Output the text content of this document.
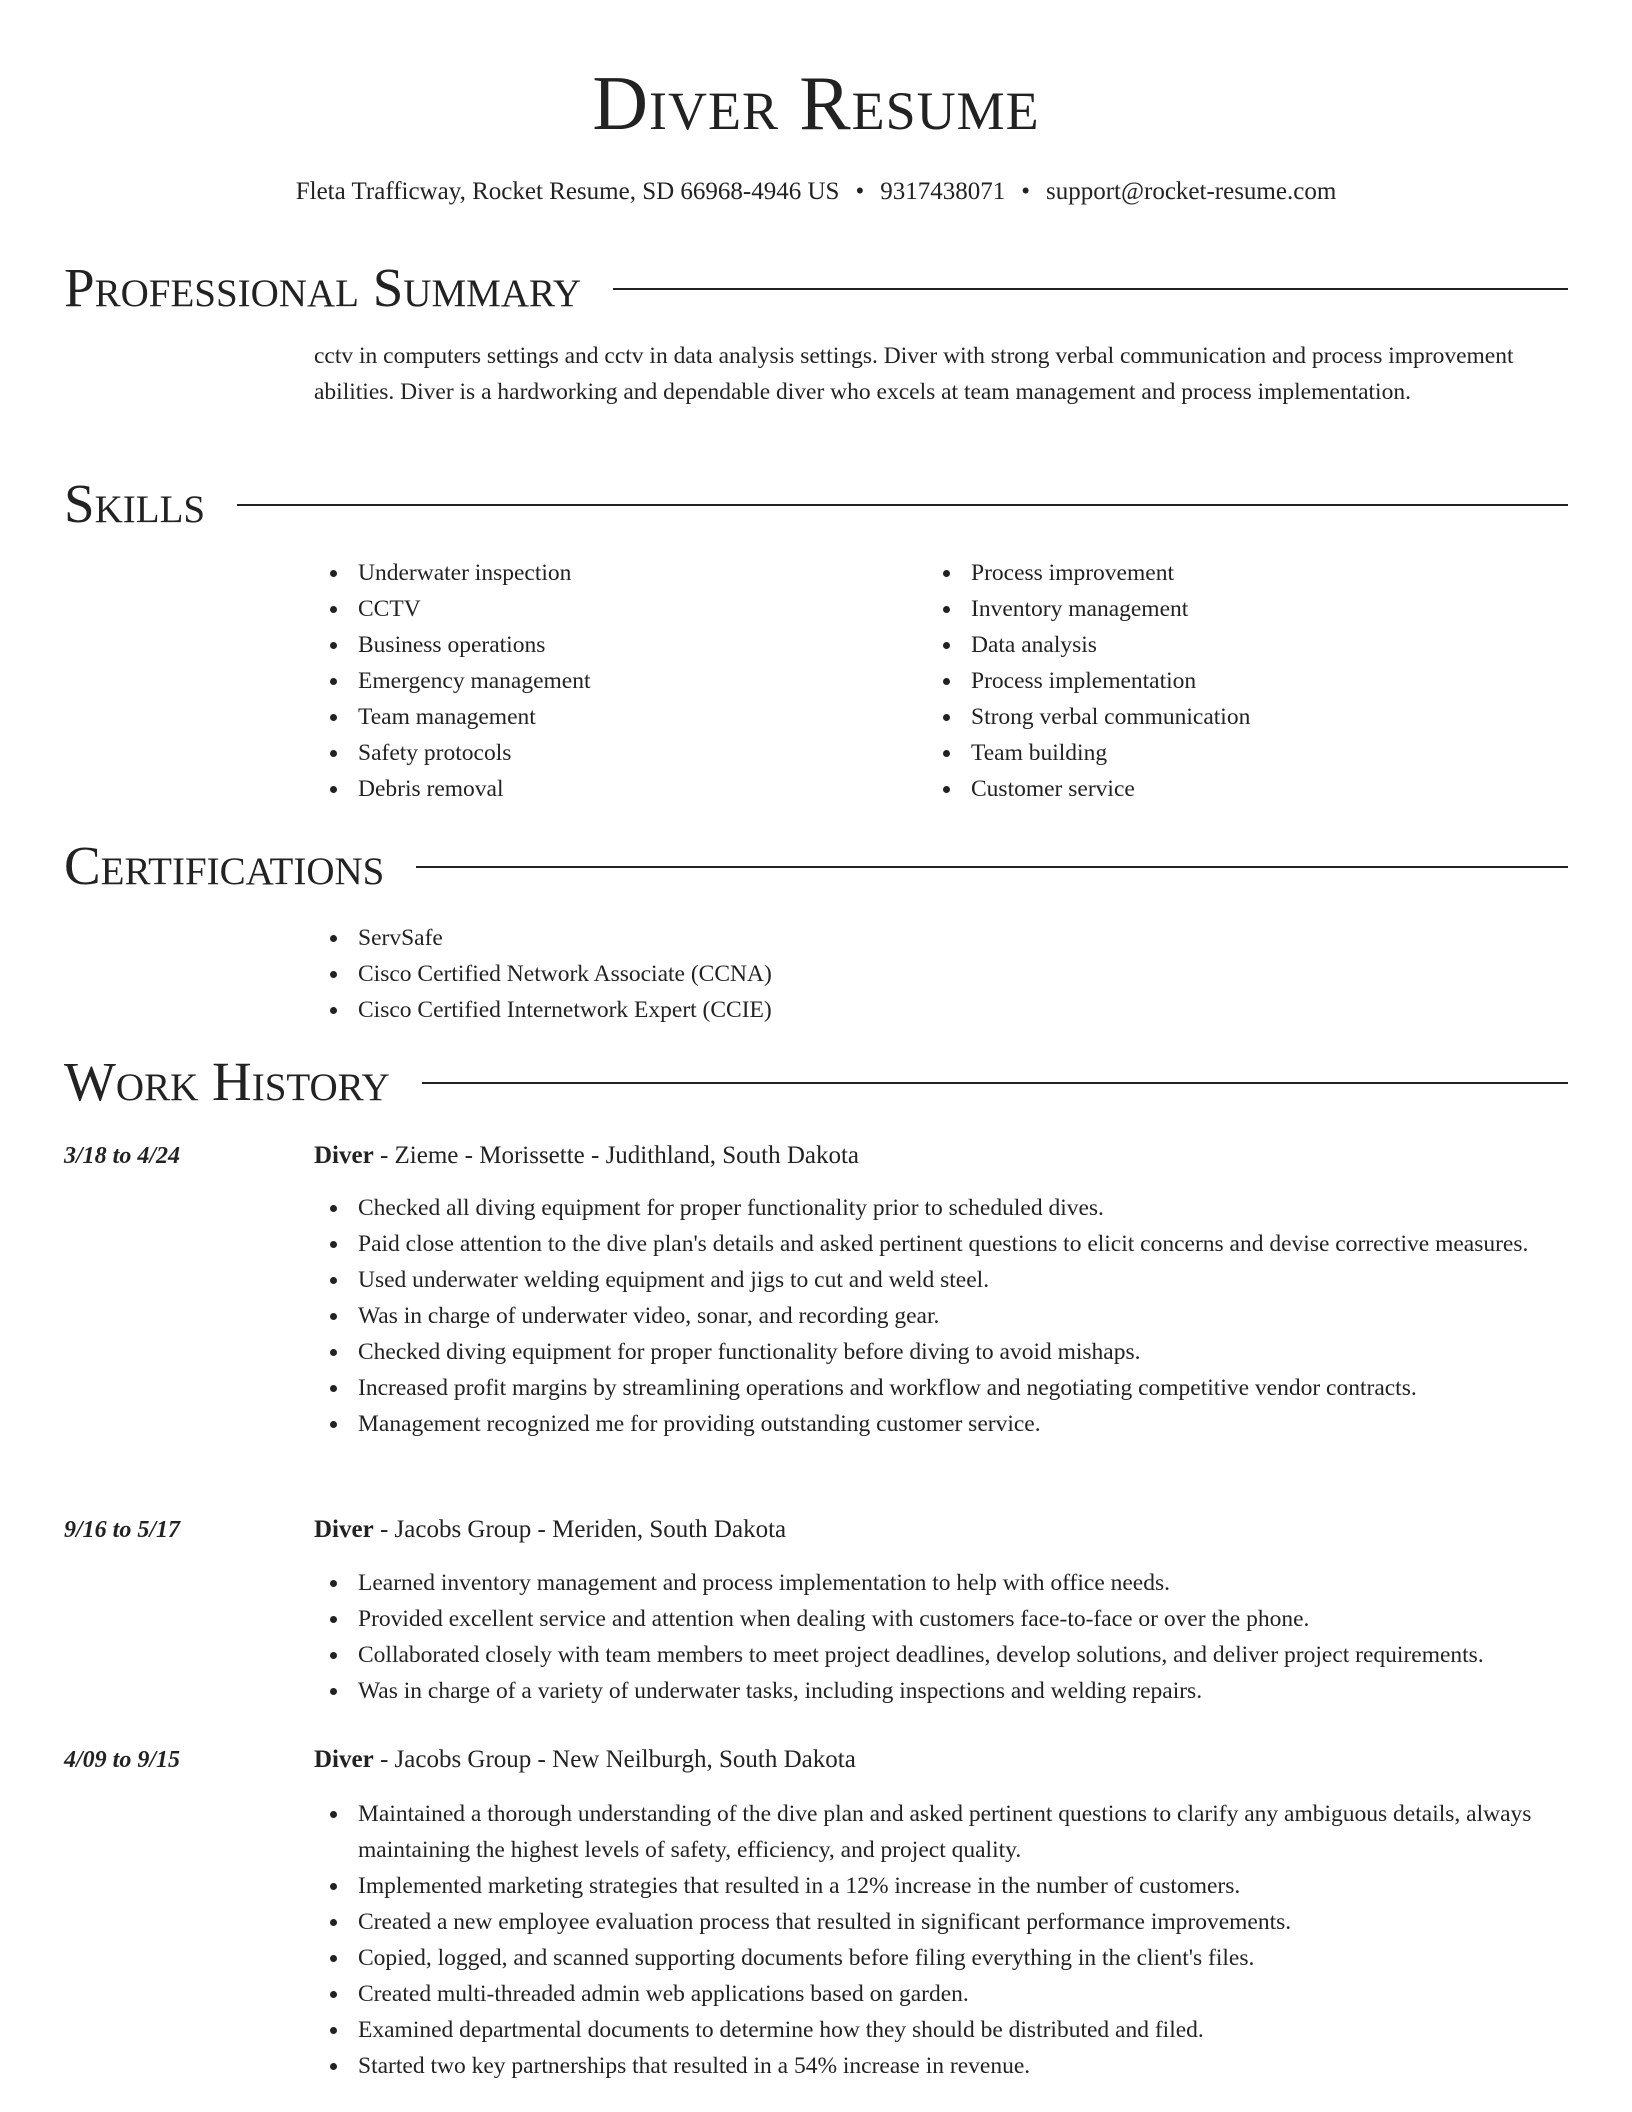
Diver Resume
Fleta Trafficway, Rocket Resume, SD 66968-4946 US • 9317438071 • support@rocket-resume.com
Professional Summary
cctv in computers settings and cctv in data analysis settings. Diver with strong verbal communication and process improvement abilities. Diver is a hardworking and dependable diver who excels at team management and process implementation.
Skills
Underwater inspection
CCTV
Business operations
Emergency management
Team management
Safety protocols
Debris removal
Process improvement
Inventory management
Data analysis
Process implementation
Strong verbal communication
Team building
Customer service
Certifications
ServSafe
Cisco Certified Network Associate (CCNA)
Cisco Certified Internetwork Expert (CCIE)
Work History
3/18 to 4/24	Diver - Zieme - Morissette - Judithland, South Dakota
Checked all diving equipment for proper functionality prior to scheduled dives.
Paid close attention to the dive plan's details and asked pertinent questions to elicit concerns and devise corrective measures.
Used underwater welding equipment and jigs to cut and weld steel.
Was in charge of underwater video, sonar, and recording gear.
Checked diving equipment for proper functionality before diving to avoid mishaps.
Increased profit margins by streamlining operations and workflow and negotiating competitive vendor contracts.
Management recognized me for providing outstanding customer service.
9/16 to 5/17	Diver - Jacobs Group - Meriden, South Dakota
Learned inventory management and process implementation to help with office needs.
Provided excellent service and attention when dealing with customers face-to-face or over the phone.
Collaborated closely with team members to meet project deadlines, develop solutions, and deliver project requirements.
Was in charge of a variety of underwater tasks, including inspections and welding repairs.
4/09 to 9/15	Diver - Jacobs Group - New Neilburgh, South Dakota
Maintained a thorough understanding of the dive plan and asked pertinent questions to clarify any ambiguous details, always maintaining the highest levels of safety, efficiency, and project quality.
Implemented marketing strategies that resulted in a 12% increase in the number of customers.
Created a new employee evaluation process that resulted in significant performance improvements.
Copied, logged, and scanned supporting documents before filing everything in the client's files.
Created multi-threaded admin web applications based on garden.
Examined departmental documents to determine how they should be distributed and filed.
Started two key partnerships that resulted in a 54% increase in revenue.
